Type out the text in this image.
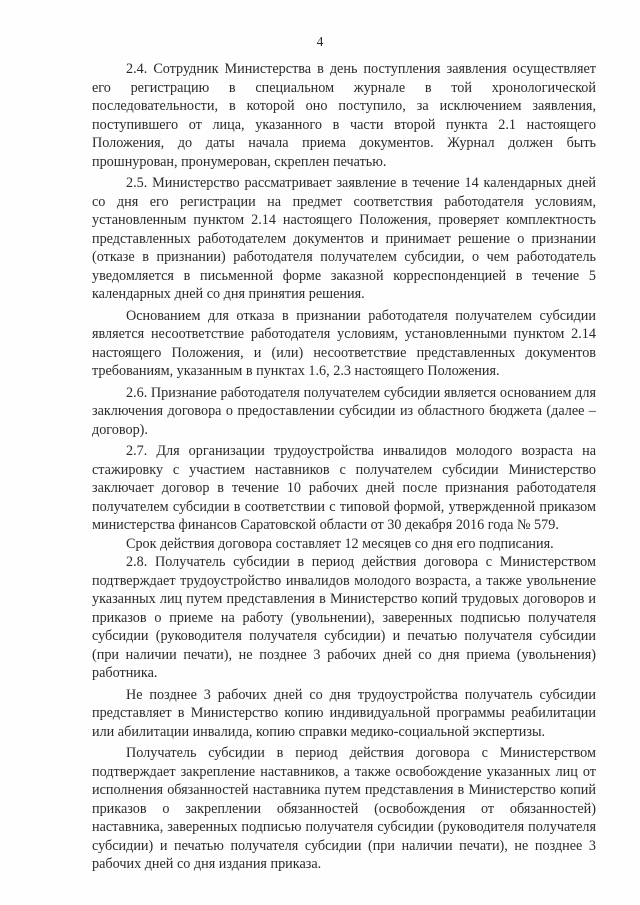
4

2.4. Сотрудник Министерства в день поступления заявления осуществляет его регистрацию в специальном журнале в той хронологической последовательности, в которой оно поступило, за исключением заявления, поступившего от лица, указанного в части второй пункта 2.1 настоящего Положения, до даты начала приема документов. Журнал должен быть прошнурован, пронумерован, скреплен печатью.

2.5. Министерство рассматривает заявление в течение 14 календарных дней со дня его регистрации на предмет соответствия работодателя условиям, установленным пунктом 2.14 настоящего Положения, проверяет комплектность представленных работодателем документов и принимает решение о признании (отказе в признании) работодателя получателем субсидии, о чем работодатель уведомляется в письменной форме заказной корреспонденцией в течение 5 календарных дней со дня принятия решения.

Основанием для отказа в признании работодателя получателем субсидии является несоответствие работодателя условиям, установленными пунктом 2.14 настоящего Положения, и (или) несоответствие представленных документов требованиям, указанным в пунктах 1.6, 2.3 настоящего Положения.

2.6. Признание работодателя получателем субсидии является основанием для заключения договора о предоставлении субсидии из областного бюджета (далее – договор).

2.7. Для организации трудоустройства инвалидов молодого возраста на стажировку с участием наставников с получателем субсидии Министерство заключает договор в течение 10 рабочих дней после признания работодателя получателем субсидии в соответствии с типовой формой, утвержденной приказом министерства финансов Саратовской области от 30 декабря 2016 года № 579.

Срок действия договора составляет 12 месяцев со дня его подписания.

2.8. Получатель субсидии в период действия договора с Министерством подтверждает трудоустройство инвалидов молодого возраста, а также увольнение указанных лиц путем представления в Министерство копий трудовых договоров и приказов о приеме на работу (увольнении), заверенных подписью получателя субсидии (руководителя получателя субсидии) и печатью получателя субсидии (при наличии печати), не позднее 3 рабочих дней со дня приема (увольнения) работника.

Не позднее 3 рабочих дней со дня трудоустройства получатель субсидии представляет в Министерство копию индивидуальной программы реабилитации или абилитации инвалида, копию справки медико-социальной экспертизы.

Получатель субсидии в период действия договора с Министерством подтверждает закрепление наставников, а также освобождение указанных лиц от исполнения обязанностей наставника путем представления в Министерство копий приказов о закреплении обязанностей (освобождения от обязанностей) наставника, заверенных подписью получателя субсидии (руководителя получателя субсидии) и печатью получателя субсидии (при наличии печати), не позднее 3 рабочих дней со дня издания приказа.
